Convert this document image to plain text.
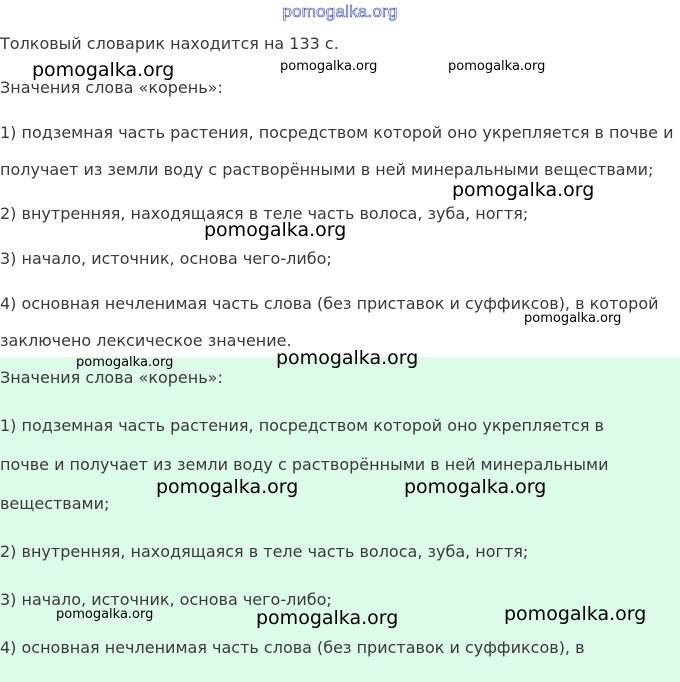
pomogalka.org
Толковый словарик находится на 133 с.
Значения слова «корень»:
1) подземная часть растения, посредством которой оно укрепляется в почве и
получает из земли воду с растворёнными в ней минеральными веществами;
2) внутренняя, находящаяся в теле часть волоса, зуба, ногтя;
3) начало, источник, основа чего-либо;
4) основная нечленимая часть слова (без приставок и суффиксов), в которой
заключено лексическое значение.
Значения слова «корень»:
1) подземная часть растения, посредством которой оно укрепляется в
почве и получает из земли воду с растворёнными в ней минеральными
веществами;
2) внутренняя, находящаяся в теле часть волоса, зуба, ногтя;
3) начало, источник, основа чего-либо;
4) основная нечленимая часть слова (без приставок и суффиксов), в
pomogalka.org	pomogalka.org	pomogalka.org
pomogalka.org
pomogalka.org
pomogalka.org
pomogalka.org	pomogalka.org
pomogalka.org	pomogalka.org
pomogalka.org	pomogalka.org	pomogalka.org
